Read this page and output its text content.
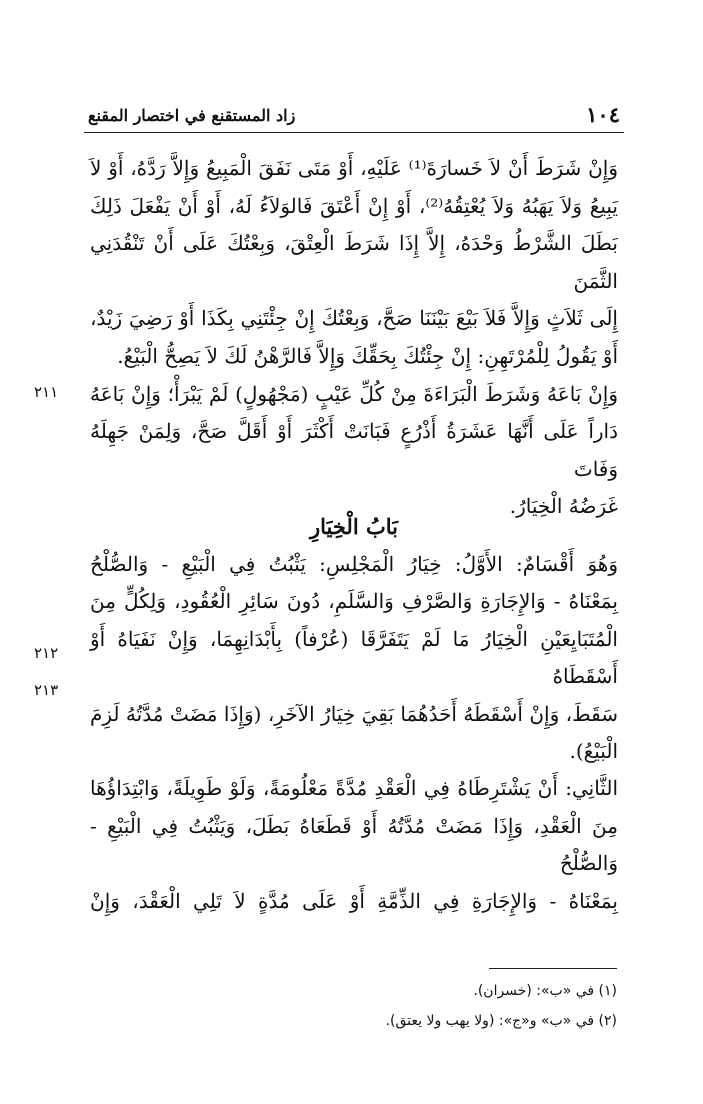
١٠٤
زاد المستقنع في اختصار المقنع

وَإِنْ شَرَطَ أَنْ لاَ خَسارَةَ⁽¹⁾ عَلَيْهِ، أَوْ مَتَى نَفَقَ الْمَبِيعُ وَإِلاَّ رَدَّهُ، أَوْ لاَ

يَبِيعُ وَلاَ يَهَبُهُ وَلاَ يُعْتِقُهُ⁽²⁾، أَوْ إِنْ أَعْتَقَ فَالوَلاَءُ لَهُ، أَوْ أَنْ يَفْعَلَ ذَلِكَ

بَطَلَ الشَّرْطُ وَحْدَهُ، إِلاَّ إِذَا شَرَطَ الْعِتْقَ، وَبِعْتُكَ عَلَى أَنْ تَنْقُدَنِي الثَّمَنَ

إِلَى ثَلاَثٍ وَإِلاَّ فَلاَ بَيْعَ بَيْنَنَا صَحَّ، وَبِعْتُكَ إِنْ جِئْتَنِي بِكَذَا أَوْ رَضِيَ زَيْدٌ،

أَوْ يَقُولُ لِلْمُرْتَهِنِ: إِنْ جِئْتُكَ بِحَقِّكَ وَإِلاَّ فَالرَّهْنُ لَكَ لاَ يَصِحُّ الْبَيْعُ.

وَإِنْ بَاعَهُ وَشَرَطَ الْبَرَاءَةَ مِنْ كُلِّ عَيْبٍ (مَجْهُولٍ) لَمْ يَبْرَأْ؛ وَإِنْ بَاعَهُ

دَاراً عَلَى أَنَّهَا عَشَرَةُ أَذْرُعٍ فَبَانَتْ أَكْثَرَ أَوْ أَقَلَّ صَحَّ، وَلِمَنْ جَهِلَهُ وَفَاتَ

غَرَضُهُ الْخِيَارُ.

بَابُ الْخِيَارِ

وَهُوَ أَقْسَامٌ: الأَوَّلُ: خِيَارُ الْمَجْلِسِ: يَثْبُتُ فِي الْبَيْعِ - وَالصُّلْحُ

بِمَعْنَاهُ - وَالإِجَارَةِ وَالصَّرْفِ وَالسَّلَمِ، دُونَ سَائِرِ الْعُقُودِ، وَلِكُلٍّ مِنَ

الْمُتَبَايِعَيْنِ الْخِيَارُ مَا لَمْ يَتَفَرَّقَا (عُرْفاً) بِأَبْدَانِهِمَا، وَإِنْ نَفَيَاهُ أَوْ أَسْقَطَاهُ

سَقَطَ، وَإِنْ أَسْقَطَهُ أَحَدُهُمَا بَقِيَ خِيَارُ الآخَرِ، (وَإِذَا مَضَتْ مُدَّتُهُ لَزِمَ

الْبَيْعُ).

الثَّانِي: أَنْ يَشْتَرِطَاهُ فِي الْعَقْدِ مُدَّةً مَعْلُومَةً، وَلَوْ طَوِيلَةً، وَابْتِدَاؤُهَا

مِنَ الْعَقْدِ، وَإِذَا مَضَتْ مُدَّتُهُ أَوْ قَطَعَاهُ بَطَلَ، وَيَثْبُتُ فِي الْبَيْعِ - وَالصُّلْحُ

بِمَعْنَاهُ - وَالإِجَارَةِ فِي الذِّمَّةِ أَوْ عَلَى مُدَّةٍ لاَ تَلِي الْعَقْدَ، وَإِنْ

٢١١
٢١٢
٢١٣
(١) في «ب»: (خسران).
(٢) في «ب» و«ج»: (ولا يهب ولا يعتق).
